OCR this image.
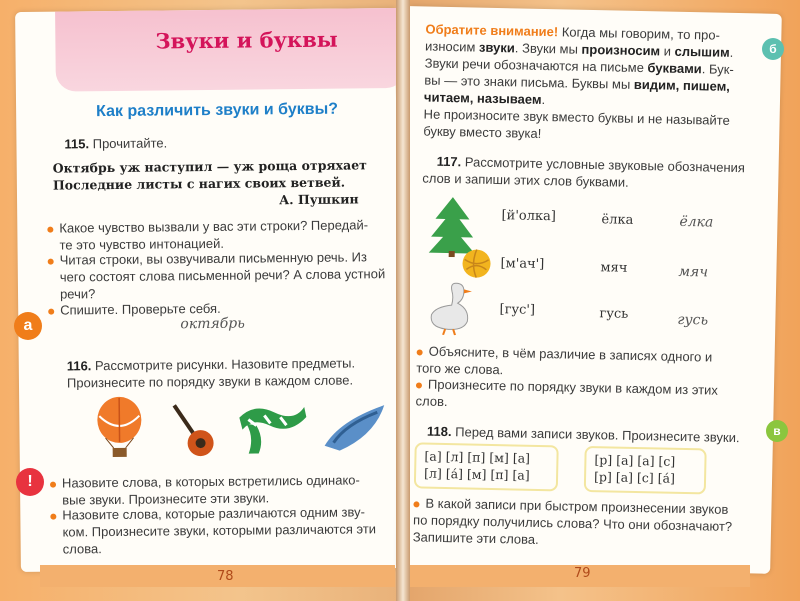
Звуки и буквы
Как различить звуки и буквы?
115. Прочитайте.
Октябрь уж наступил — уж роща отряхает
Последние листы с нагих своих ветвей.
А. Пушкин
Какое чувство вызвали у вас эти строки? Передай-
те это чувство интонацией.
Читая строки, вы озвучивали письменную речь. Из
чего состоят слова письменной речи? А слова устной
речи?
Спишите. Проверьте себя.
октябрь
116. Рассмотрите рисунки. Назовите предметы.
Произнесите по порядку звуки в каждом слове.
Назовите слова, в которых встретились одинако-
вые звуки. Произнесите эти звуки.
Назовите слова, которые различаются одним зву-
ком. Произнесите звуки, которыми различаются эти
слова.
а
!
Обратите внимание! Когда мы говорим, то про-
износим звуки. Звуки мы произносим и слышим.
Звуки речи обозначаются на письме буквами. Бук-
вы — это знаки письма. Буквы мы видим, пишем,
читаем, называем.
Не произносите звук вместо буквы и не называйте
букву вместо звука!
117. Рассмотрите условные звуковые обозначения
слов и запиши этих слов буквами.
[й'олка]	ёлка	ёлка
[м'ач']	мяч	мяч
[гус']	гусь	гусь
Объясните, в чём различие в записях одного и
того же слова.
Произнесите по порядку звуки в каждом из этих
слов.
118. Перед вами записи звуков. Произнесите звуки.
[а] [л] [п] [м] [а]
[л] [а́] [м] [п] [а]
[р] [а] [а] [с]
[р] [а] [с] [а́]
В какой записи при быстром произнесении звуков
по порядку получились слова? Что они обозначают?
Запишите эти слова.
б
в
78	79
